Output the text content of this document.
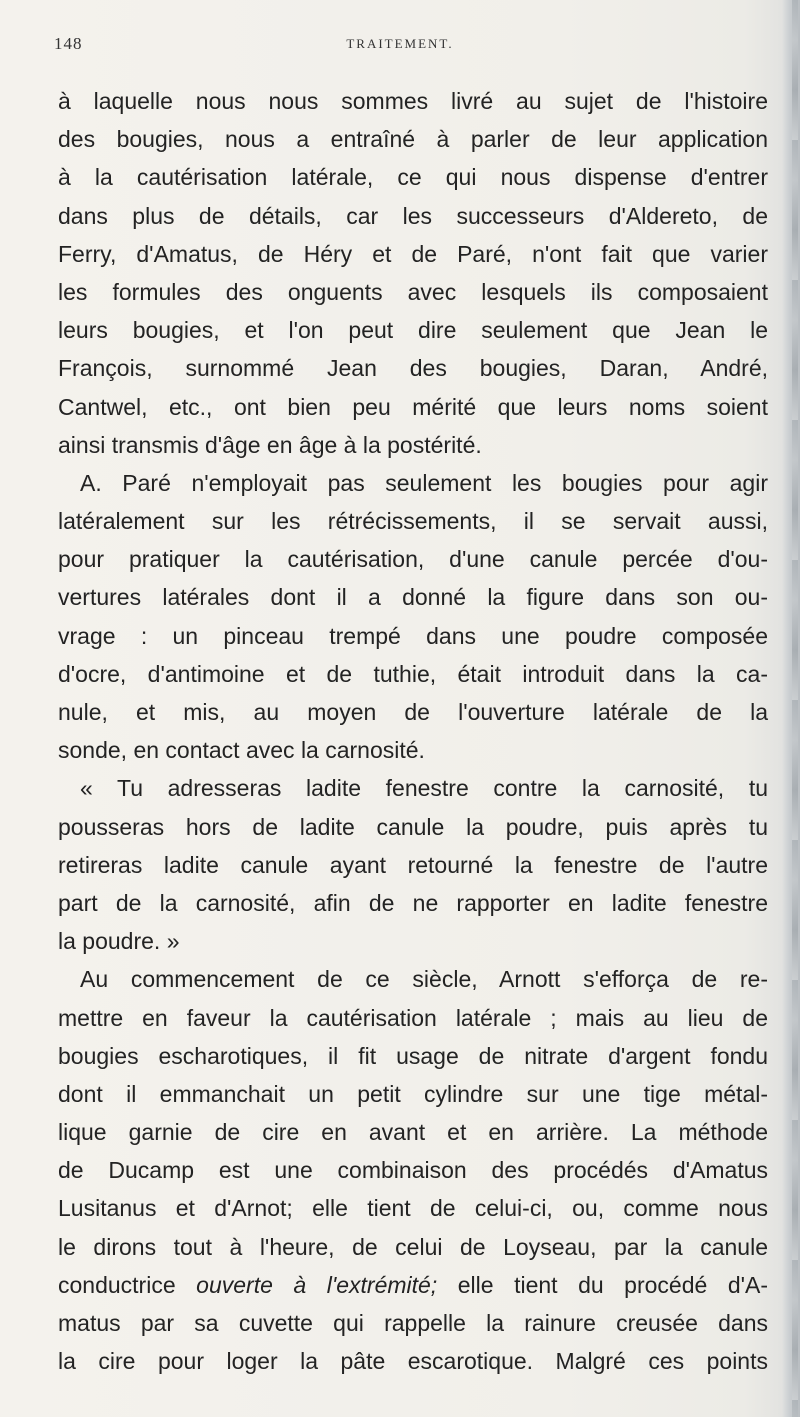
148	TRAITEMENT.
à laquelle nous nous sommes livré au sujet de l'histoire
des bougies, nous a entraîné à parler de leur application
à la cautérisation latérale, ce qui nous dispense d'entrer
dans plus de détails, car les successeurs d'Aldereto, de
Ferry, d'Amatus, de Héry et de Paré, n'ont fait que varier
les formules des onguents avec lesquels ils composaient
leurs bougies, et l'on peut dire seulement que Jean le
François, surnommé Jean des bougies, Daran, André,
Cantwel, etc., ont bien peu mérité que leurs noms soient
ainsi transmis d'âge en âge à la postérité.
A. Paré n'employait pas seulement les bougies pour agir
latéralement sur les rétrécissements, il se servait aussi,
pour pratiquer la cautérisation, d'une canule percée d'ou-
vertures latérales dont il a donné la figure dans son ou-
vrage : un pinceau trempé dans une poudre composée
d'ocre, d'antimoine et de tuthie, était introduit dans la ca-
nule, et mis, au moyen de l'ouverture latérale de la
sonde, en contact avec la carnosité.
« Tu adresseras ladite fenestre contre la carnosité, tu
pousseras hors de ladite canule la poudre, puis après tu
retireras ladite canule ayant retourné la fenestre de l'autre
part de la carnosité, afin de ne rapporter en ladite fenestre
la poudre. »
Au commencement de ce siècle, Arnott s'efforça de re-
mettre en faveur la cautérisation latérale ; mais au lieu de
bougies escharotiques, il fit usage de nitrate d'argent fondu
dont il emmanchait un petit cylindre sur une tige métal-
lique garnie de cire en avant et en arrière. La méthode
de Ducamp est une combinaison des procédés d'Amatus
Lusitanus et d'Arnot; elle tient de celui-ci, ou, comme nous
le dirons tout à l'heure, de celui de Loyseau, par la canule
conductrice ouverte à l'extrémité; elle tient du procédé d'A-
matus par sa cuvette qui rappelle la rainure creusée dans
la cire pour loger la pâte escarotique. Malgré ces points
